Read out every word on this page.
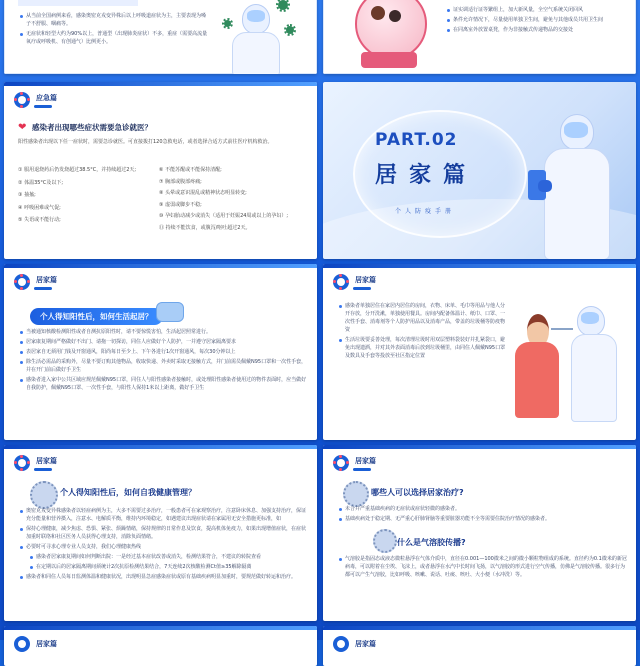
从当前全国病例来看，感染奥密克戎变异株后以上呼吸道症状为主，主要表现为嗓子不舒服、咽痛等。

无症状和轻型大约为90%以上，普通型（出现肺炎症状）不多，重症（需要高流量氧疗或呼吸机、有创通气）比例更小。

证实调适行证等繁组上，加大新风量，全空气系统关闭回风

条件允许情况下，尽量使用单独卫生间，避免与其他成员共用卫生间

在同离室外放置桌凳，作为非接触式传递物品的交接处

应急篇
❤ 感染者出现哪些症状需要急诊就医？
阳性感染者出现以下任一症状时，需要急诊就医。可直接拨打120急救电话，或者选择合适方式前往医疗机构救治。
① 服用退烧药后仍发烧超过38.5°C，并持续超过2天;
② 体温35°C及以下;
③ 抽搐;
④ 呼吸困难或气促;
⑤ 失语或不能行动;
⑥ 不能苏醒或不能保持清醒;
⑦ 胸部或腹部疼痛;
⑧ 头晕或意识混乱或精神状态明显转变;
⑨ 虚弱或脚步不稳;
⑩ 孕妇胎动减少或消失（适用于妊娠24周或以上的孕妇）;
⑪ 持续不能饮食，或腹泻/呕吐超过2天。
PART.02
居家篇
个人防疫手册
居家篇
个人得知阳性后，如何生活起居？

当被通知核酸检测阳性或者自测抗原阳性时，请不要惊慌害怕，生活起居照常进行。

居家康复期间严格做好不出门、请拖一切探访，同住人应做好个人防护，一并遵守居家隔离要求

表居家自无须用门钱及开窗通风，阳尚每日至少上、下午各进行1次开窗通风，每次30分钟以上

除生活必需品的采购外，尽量不要订购其他物品，收取快递、外卖时采取无接触方式，并门前需员佩戴N95口罩和一次性手套，并在开门前后做好手卫生

感染者进入家中公共区域应规范佩戴N95口罩，同住人与阳性感染者接触时，或处理阳性感染者使用过的物件表面时，应当做好自我防护，佩戴N95口罩、一次性手套，与阳性人保持1米以上距离，做好手卫生

居家篇

感染者单独居住在家居内居住的房间，衣物、床单、毛巾等用品与他人分开存放，分开洗漱，单独使用餐具。房间内配备体温计、纸巾、口罩、一次性手套、消毒剂等个人防护用品以及消毒产品，带盖的垃圾桶等防疫物资

生活垃圾要妥善处理，每次清理垃圾时用双层塑料袋装好并扎紧袋口，避免出现遗洒，并对其外表面消毒后放到垃圾桶里，由同住人佩戴N95口罩及数具及手套等投放至社区指定位置

居家篇
个人得知阳性后，如何自我健康管理？

奥密克戎变异株感染者以轻症病例为主，大多不需要过多治疗，一般患者可在家观察治疗，注意卧床休息、加强支持治疗，保证充分能量和营养摄入，注意水、电解质平衡，维持内环境稳定，如遇建议出现症状请在家属用无安全措施更标准，如

保持心理健康，减少焦虑、恐惧、紧张、烦躁情绪，保持规律的日常作息及饮食，提高机体免疫力，如果出现增值症状，在症状加重时联络和社区医务人员获得心理支持，消除负面情绪。

必要时可寻求心理专业人员支持，我们心理健康热线

感染者居家康复期间如何判断出院：一是经过基本症状改善或消失，检测结果符合，不建议的转院查看

在定期以后的居家隔离期间须统计2次抗原检测结果结合，7天连续2次核酸检测Ct值≥35解除隔离

感染者和同住人员每日监测体温和健康状况，出现明显急症感染症状或原有基础疾病明显加重时，要规范做好转运和治疗。

居家篇
哪些人可以选择居家治疗?

未合并严重基础疾病的无症状或症状轻微的感染者。

基础疾病处于稳定期、无严重心肝肺肾脑等重要脏器功能不全等需要住院治疗情况的感染者。

什么是气溶胶传播?

气溶胶是指固态或液态微粒悬浮在气体介质中，直径在0.001—100微米之间的微小颗粒物组成的系统。直径约为0.1微米的新冠病毒，可以附着在尘埃、飞沫上，或者悬浮在水汽中长时间飞扬，以气溶胶的形式进行空气传播，仿佛是气溶胶传播。很多行为都可以产生气溶胶，比如呼吸、咳嗽、说话、吐痰、咳吐、大小便（水冲洗）等。

居家篇	居家篇
